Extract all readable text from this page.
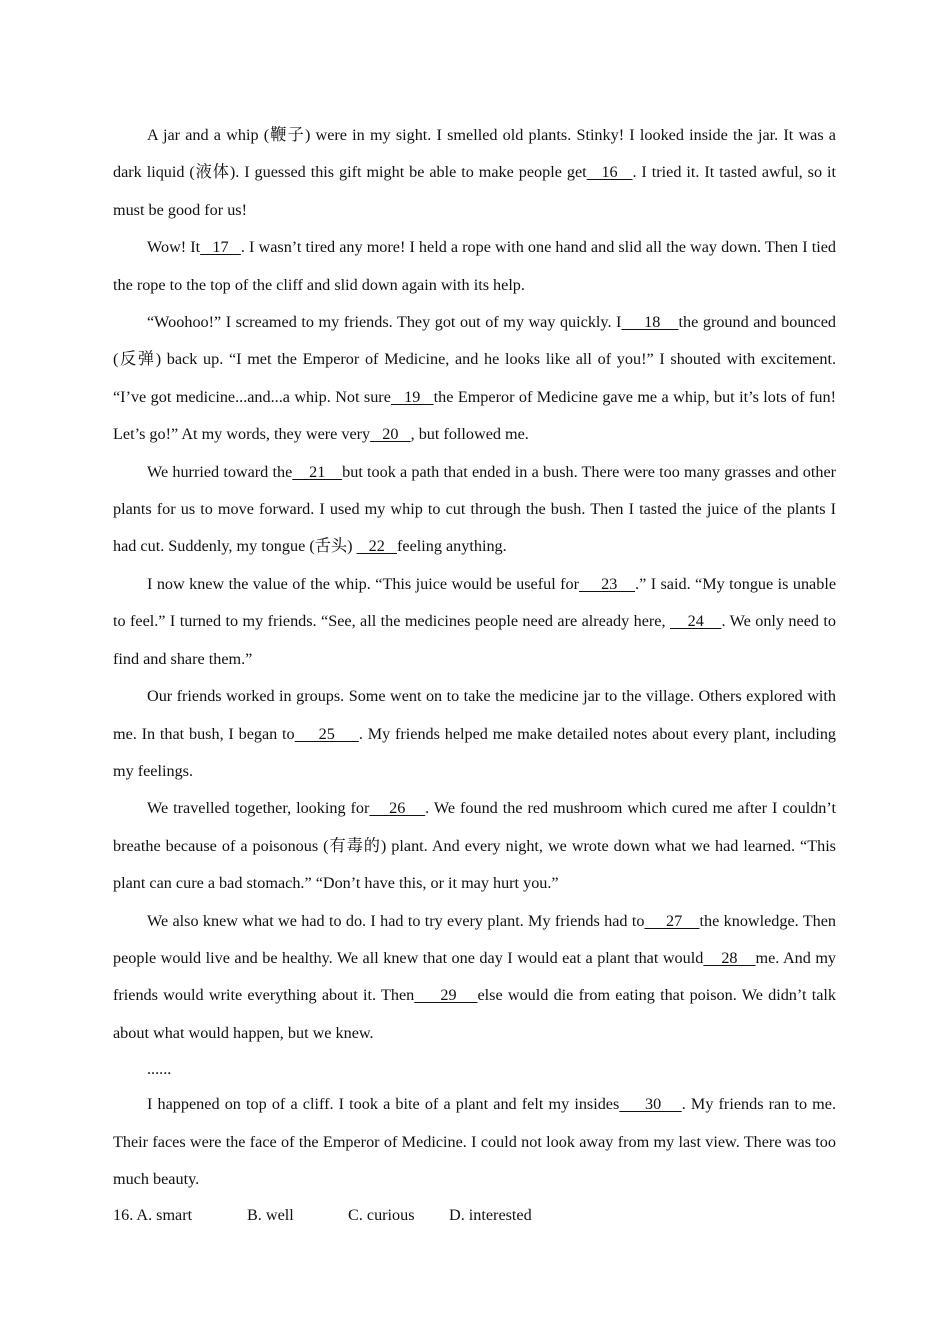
A jar and a whip (鞭子) were in my sight. I smelled old plants. Stinky! I looked inside the jar. It was a dark liquid (液体). I guessed this gift might be able to make people get   16   . I tried it. It tasted awful, so it must be good for us!

Wow! It   17   . I wasn’t tired any more! I held a rope with one hand and slid all the way down. Then I tied the rope to the top of the cliff and slid down again with its help.

“Woohoo!” I screamed to my friends. They got out of my way quickly. I     18    the ground and bounced (反弹) back up. “I met the Emperor of Medicine, and he looks like all of you!” I shouted with excitement. “I’ve got medicine...and...a whip. Not sure   19   the Emperor of Medicine gave me a whip, but it’s lots of fun! Let’s go!” At my words, they were very   20   , but followed me.

We hurried toward the    21    but took a path that ended in a bush. There were too many grasses and other plants for us to move forward. I used my whip to cut through the bush. Then I tasted the juice of the plants I had cut. Suddenly, my tongue (舌头)    22   feeling anything.

I now knew the value of the whip. “This juice would be useful for     23    .” I said. “My tongue is unable to feel.” I turned to my friends. “See, all the medicines people need are already here,     24    . We only need to find and share them.”

Our friends worked in groups. Some went on to take the medicine jar to the village. Others explored with me. In that bush, I began to     25     . My friends helped me make detailed notes about every plant, including my feelings.

We travelled together, looking for    26    . We found the red mushroom which cured me after I couldn’t breathe because of a poisonous (有毒的) plant. And every night, we wrote down what we had learned. “This plant can cure a bad stomach.” “Don’t have this, or it may hurt you.”

We also knew what we had to do. I had to try every plant. My friends had to     27    the knowledge. Then people would live and be healthy. We all knew that one day I would eat a plant that would    28    me. And my friends would write everything about it. Then     29    else would die from eating that poison. We didn’t talk about what would happen, but we knew.

......

I happened on top of a cliff. I took a bite of a plant and felt my insides     30    . My friends ran to me. Their faces were the face of the Emperor of Medicine. I could not look away from my last view. There was too much beauty.

16. A. smart	B. well	C. curious D. interested
